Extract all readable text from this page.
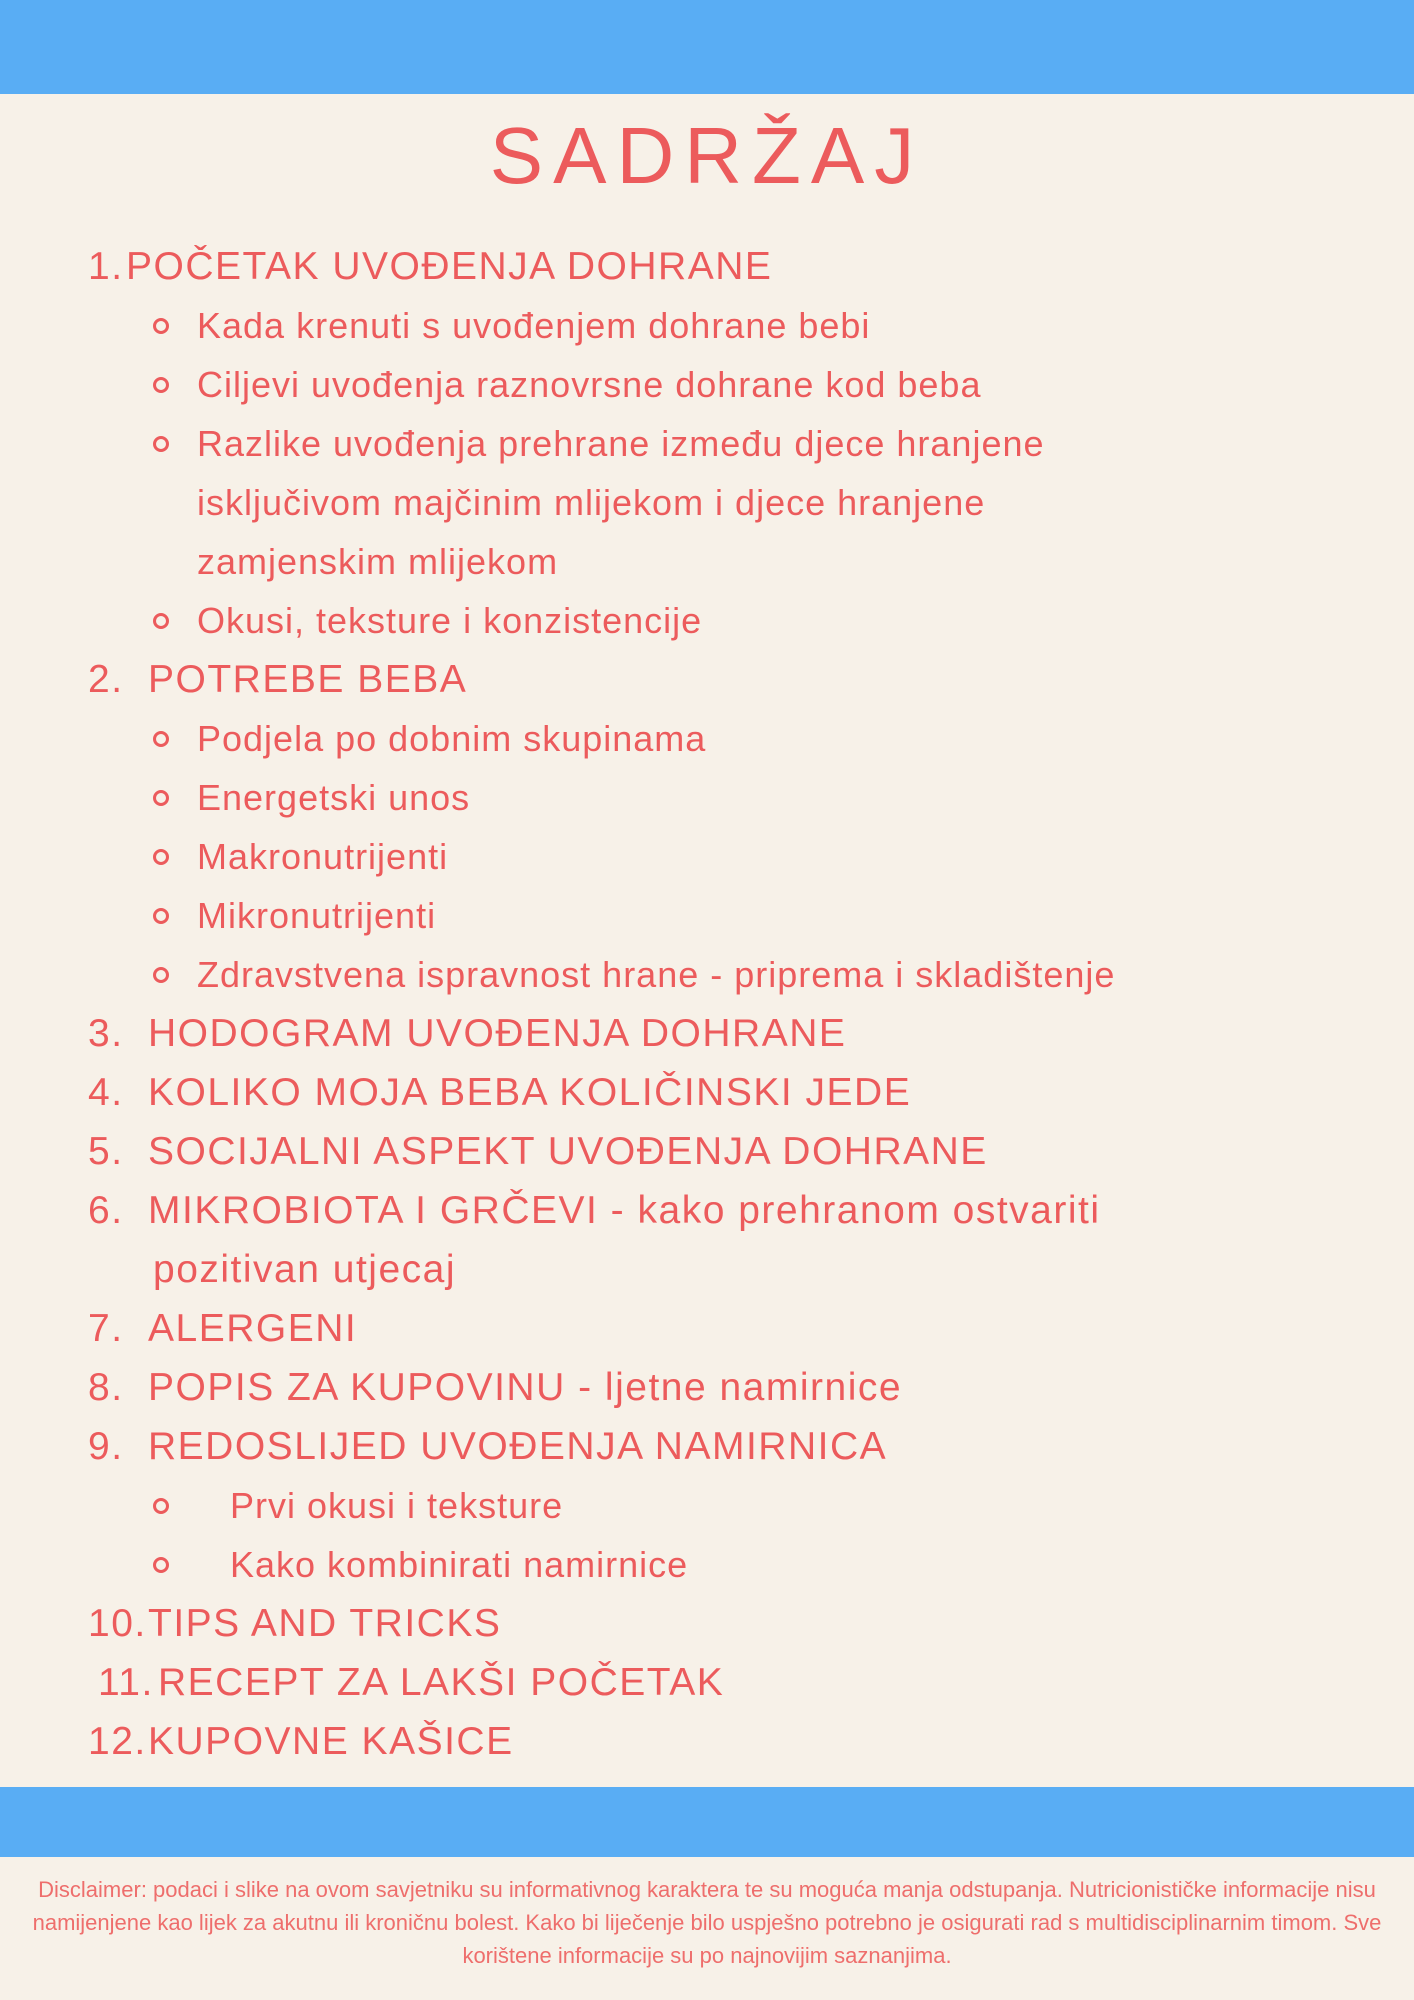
SADRŽAJ
1. POČETAK UVOĐENJA DOHRANE
Kada krenuti s uvođenjem dohrane bebi
Ciljevi uvođenja raznovrsne dohrane kod beba
Razlike uvođenja prehrane između djece hranjene
isključivom majčinim mlijekom i djece hranjene
zamjenskim mlijekom
Okusi, teksture i konzistencije
2. POTREBE BEBA
Podjela po dobnim skupinama
Energetski unos
Makronutrijenti
Mikronutrijenti
Zdravstvena ispravnost hrane - priprema i skladištenje
3. HODOGRAM UVOĐENJA DOHRANE
4. KOLIKO MOJA BEBA KOLIČINSKI JEDE
5. SOCIJALNI ASPEKT UVOĐENJA DOHRANE
6. MIKROBIOTA I GRČEVI - kako prehranom ostvariti
pozitivan utjecaj
7. ALERGENI
8. POPIS ZA KUPOVINU - ljetne namirnice
9. REDOSLIJED UVOĐENJA NAMIRNICA
Prvi okusi i teksture
Kako kombinirati namirnice
10. TIPS AND TRICKS
11. RECEPT ZA LAKŠI POČETAK
12. KUPOVNE KAŠICE
Disclaimer: podaci i slike na ovom savjetniku su informativnog karaktera te su moguća manja odstupanja. Nutricionističke informacije nisu namijenjene kao lijek za akutnu ili kroničnu bolest. Kako bi liječenje bilo uspješno potrebno je osigurati rad s multidisciplinarnim timom. Sve korištene informacije su po najnovijim saznanjima.
